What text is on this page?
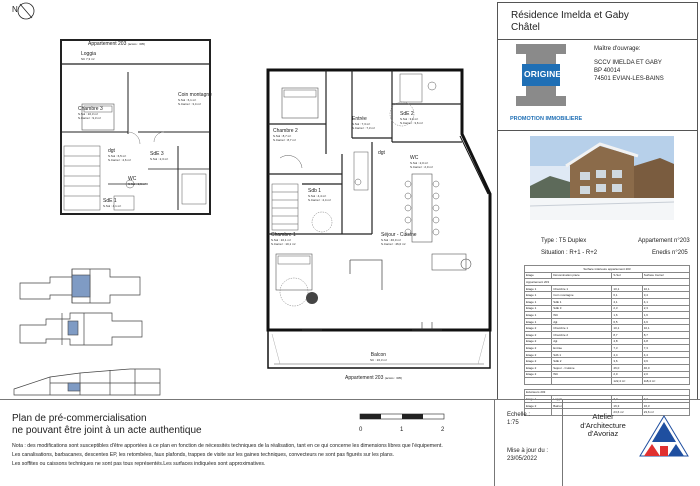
Appartement 203 (accès : 305)
Loggia
SC 7,3 m²
Chambre 3
S.Sol : 10,3 m²
S.Carrez : 9,3 m²
Coin montagne
S.Sol : 6,1 m²
S.Carrez : 3,4 m²
dgt
S.Sol : 6,5 m²
S.Carrez : 4,6 m²
SdE 3
S.Sol : 2,3 m²
WC
S.Sol : 1,6 m²
SdE 1
S.Sol : 4,1 m²
N
Entrée
S.Sol : 7,3 m²
S.Carrez : 7,3 m²
SdE 2
S.Sol : 3,6 m²
S.Carrez : 3,6 m²
Chambre 2
S.Sol : 8,7 m²
S.Carrez : 8,7 m²
dgt
WC
S.Sol : 2,0 m²
S.Carrez : 2,0 m²
Sdb 1
S.Sol : 4,4 m²
S.Carrez : 4,4 m²
Chambre 1
S.Sol : 10,1 m²
S.Carrez : 10,1 m²
Séjour - Cuisine
S.Sol : 46,0 m²
S.Carrez : 46,0 m²
Balcon
SC : 16,3 m²
Appartement 203 (accès : 305)
Résidence Imelda et Gaby
Châtel
ORIGINE
PROMOTION IMMOBILIERE
Maître d'ouvrage:
SCCV IMELDA ET GABY
BP 40014
74501 EVIAN-LES-BAINS
Type : T5 Duplex	Appartement n°203
Situation : R+1 - R+2	Enedis n°205
Surface intérieure appartement 203			
Etage	Dénomination pièce	S.Sol	Surface Carrez
Appartement 203			
Etage 1	Chambre 1	10,1	10,1
Etage 1	Coin montagne	6,1	3,4
Etage 1	SdE 1	4,1	4,1
Etage 1	SdE 3	2,3	2,3
Etage 1	WC	1,6	1,6
Etage 1	dgt	6,5	4,6
Etage 2	Chambre 1	10,1	10,1
Etage 2	Chambre 2	8,7	8,7
Etage 2	dgt	4,8	4,8
Etage 2	Entrée	7,3	7,3
Etage 2	Sdb 1	4,4	4,4
Etage 2	SdE 2	3,6	3,6
Etage 2	Séjour - Cuisine	46,0	46,0
Etage 2	WC	2,0	2,0
		122,4 m²	118,4 m²

Extérieurs 203			

Etage 2	Balcon	16,3	16,3
		23,6 m²	23,6 m²
Plan de pré-commercialisation
ne pouvant être joint à un acte authentique	0	1	2
Nota : des modifications sont susceptibles d'être apportées à ce plan en fonction de nécessités techniques de la réalisation, tant en ce qui concerne les dimensions libres que l'équipement.
Les canalisations, barbacanes, descentes EP, les retombées, faux plafonds, trappes de visite sur les gaines techniques, convecteurs ne sont pas figurés sur les plans.
Les soffites ou caissons techniques ne sont pas tous représentés.Les surfaces indiquées sont approximatives.
Echelle :
1:75
Mise à jour du :
23/05/2022
Atelier
d'Architecture
d'Avoriaz
